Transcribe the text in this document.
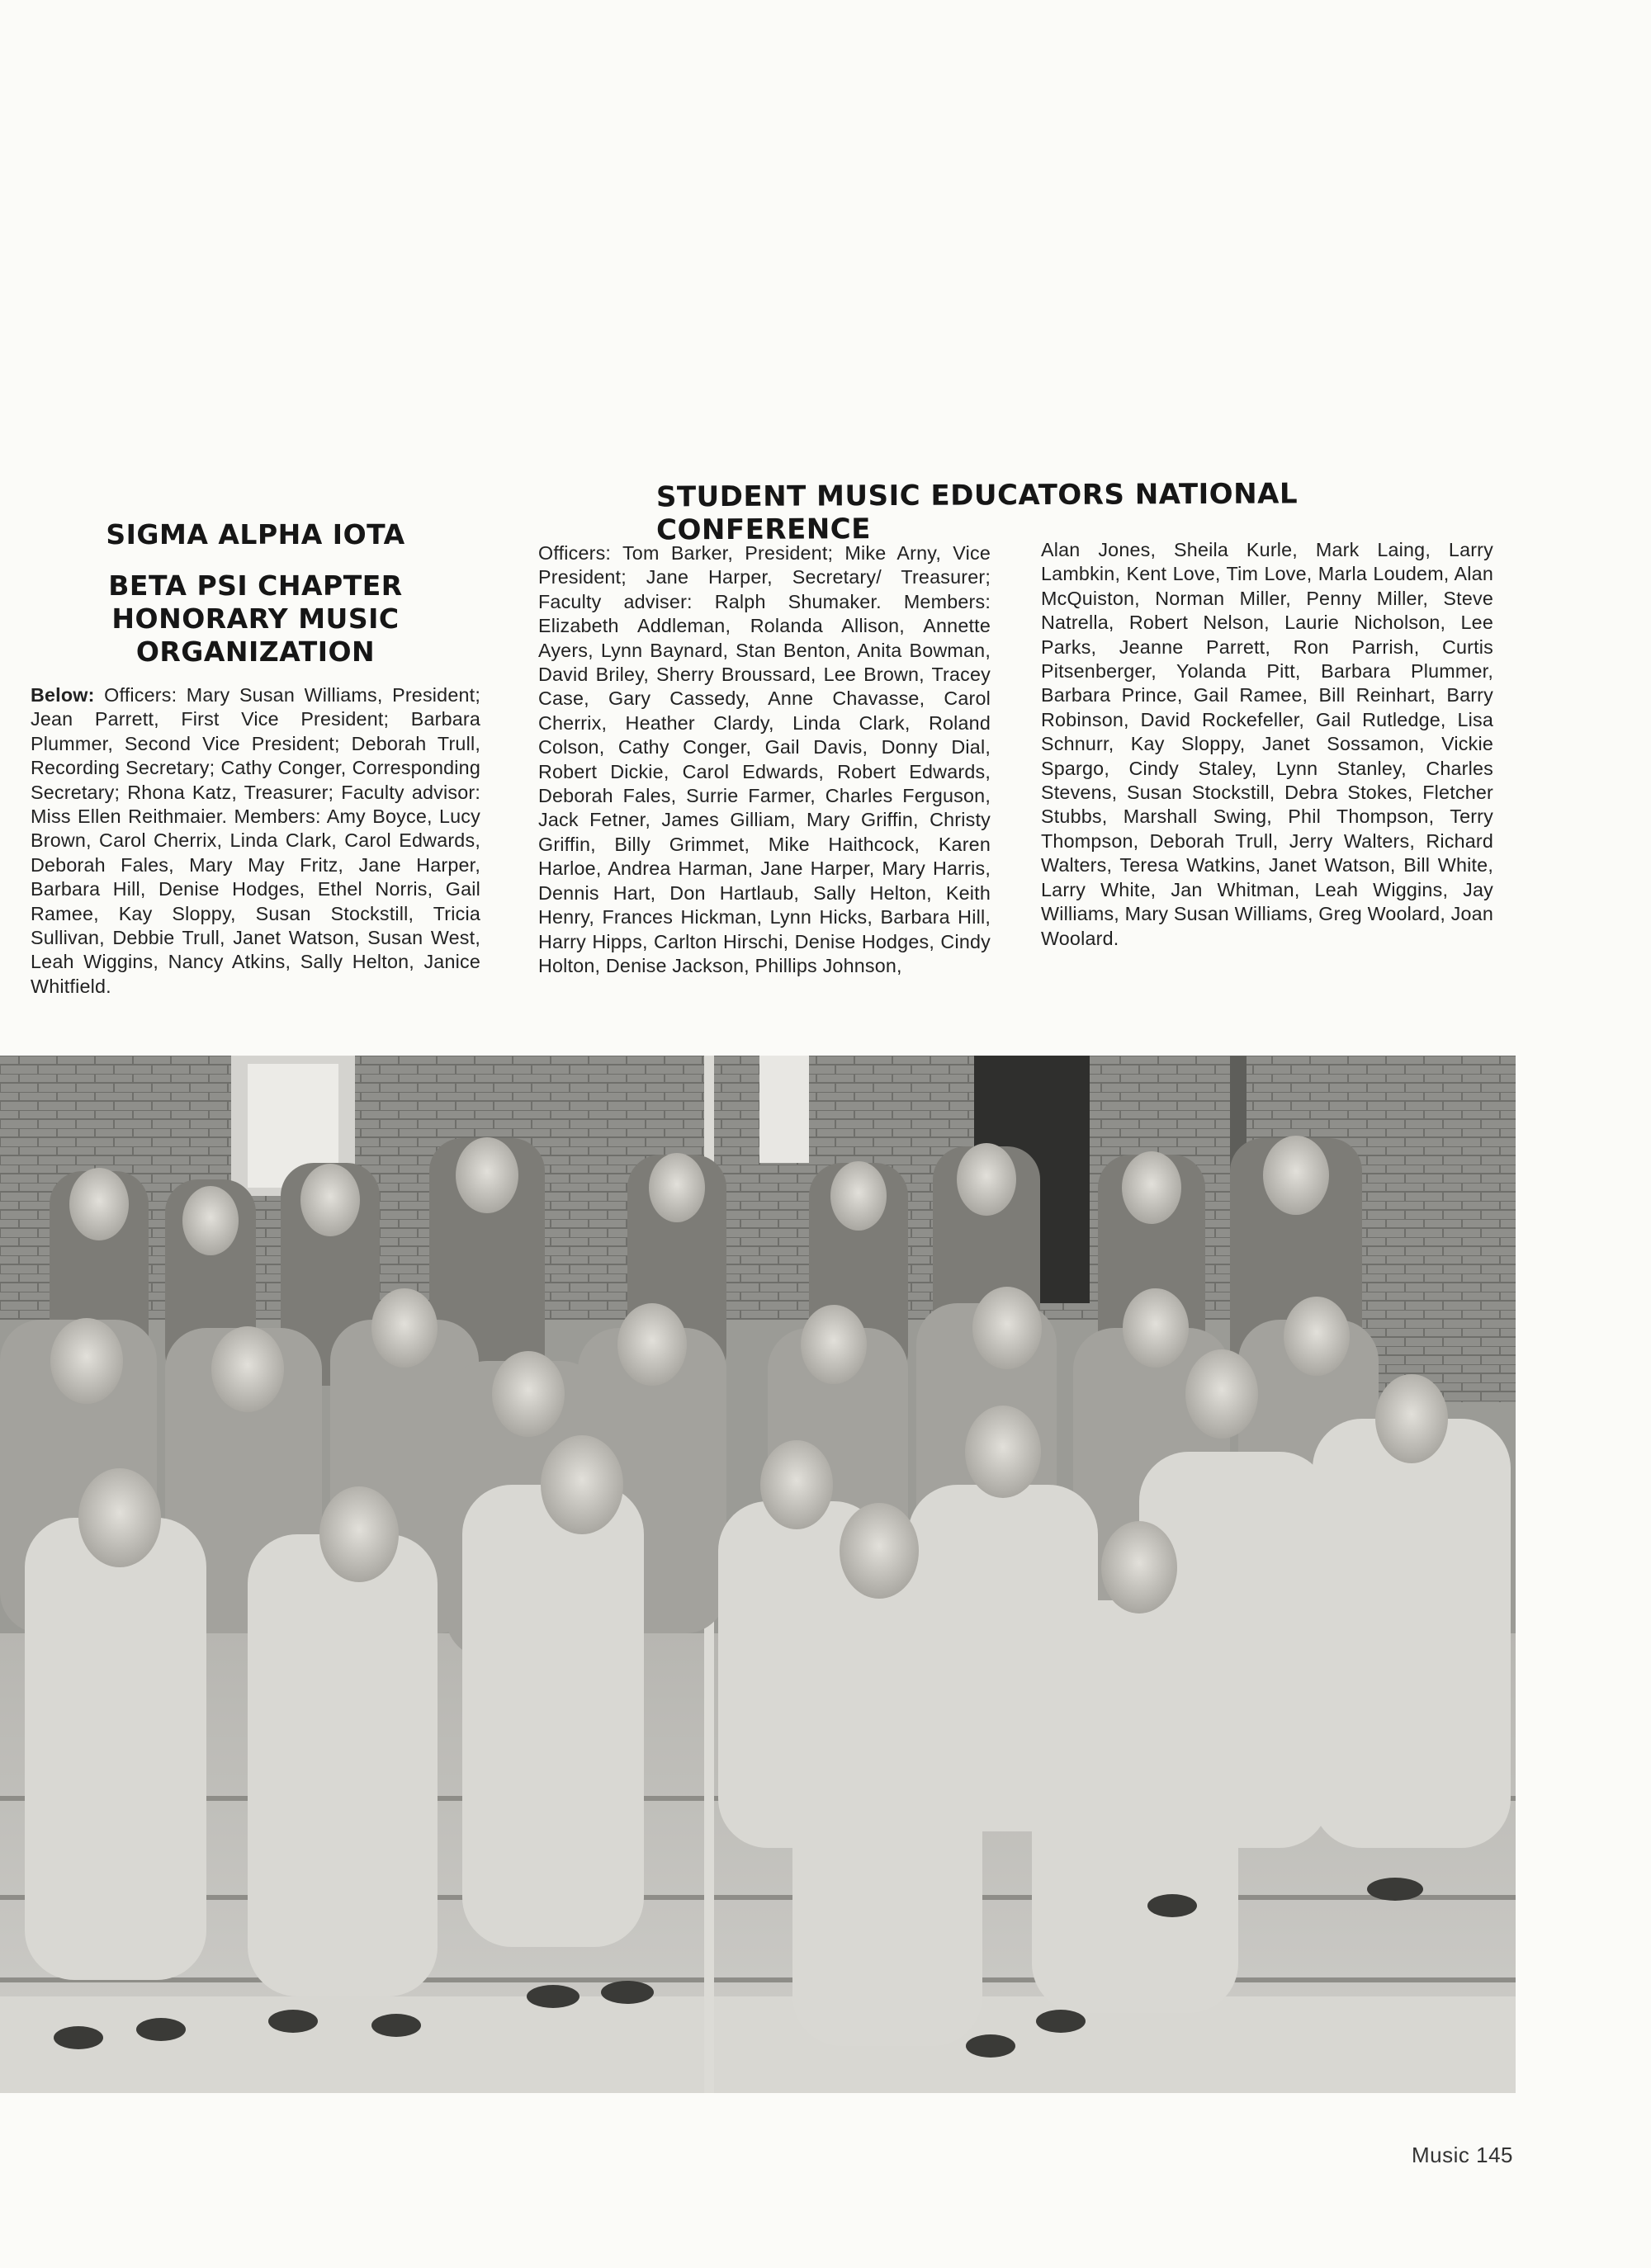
STUDENT MUSIC EDUCATORS NATIONAL CONFERENCE
SIGMA ALPHA IOTA
BETA PSI CHAPTER
HONORARY MUSIC
ORGANIZATION
Below: Officers: Mary Susan Williams, President; Jean Parrett, First Vice President; Barbara Plummer, Second Vice President; Deborah Trull, Recording Secretary; Cathy Conger, Corresponding Secretary; Rhona Katz, Treasurer; Faculty advisor: Miss Ellen Reithmaier. Members: Amy Boyce, Lucy Brown, Carol Cherrix, Linda Clark, Carol Edwards, Deborah Fales, Mary May Fritz, Jane Harper, Barbara Hill, Denise Hodges, Ethel Norris, Gail Ramee, Kay Sloppy, Susan Stockstill, Tricia Sullivan, Debbie Trull, Janet Watson, Susan West, Leah Wiggins, Nancy Atkins, Sally Helton, Janice Whitfield.
Officers: Tom Barker, President; Mike Arny, Vice President; Jane Harper, Secretary/ Treasurer; Faculty adviser: Ralph Shumaker. Members: Elizabeth Addleman, Rolanda Allison, Annette Ayers, Lynn Baynard, Stan Benton, Anita Bowman, David Briley, Sherry Broussard, Lee Brown, Tracey Case, Gary Cassedy, Anne Chavasse, Carol Cherrix, Heather Clardy, Linda Clark, Roland Colson, Cathy Conger, Gail Davis, Donny Dial, Robert Dickie, Carol Edwards, Robert Edwards, Deborah Fales, Surrie Farmer, Charles Ferguson, Jack Fetner, James Gilliam, Mary Griffin, Christy Griffin, Billy Grimmet, Mike Haithcock, Karen Harloe, Andrea Harman, Jane Harper, Mary Harris, Dennis Hart, Don Hartlaub, Sally Helton, Keith Henry, Frances Hickman, Lynn Hicks, Barbara Hill, Harry Hipps, Carlton Hirschi, Denise Hodges, Cindy Holton, Denise Jackson, Phillips Johnson,
Alan Jones, Sheila Kurle, Mark Laing, Larry Lambkin, Kent Love, Tim Love, Marla Loudem, Alan McQuiston, Norman Miller, Penny Miller, Steve Natrella, Robert Nelson, Laurie Nicholson, Lee Parks, Jeanne Parrett, Ron Parrish, Curtis Pitsenberger, Yolanda Pitt, Barbara Plummer, Barbara Prince, Gail Ramee, Bill Reinhart, Barry Robinson, David Rockefeller, Gail Rutledge, Lisa Schnurr, Kay Sloppy, Janet Sossamon, Vickie Spargo, Cindy Staley, Lynn Stanley, Charles Stevens, Susan Stockstill, Debra Stokes, Fletcher Stubbs, Marshall Swing, Phil Thompson, Terry Thompson, Deborah Trull, Jerry Walters, Richard Walters, Teresa Watkins, Janet Watson, Bill White, Larry White, Jan Whitman, Leah Wiggins, Jay Williams, Mary Susan Williams, Greg Woolard, Joan Woolard.
Music 145
